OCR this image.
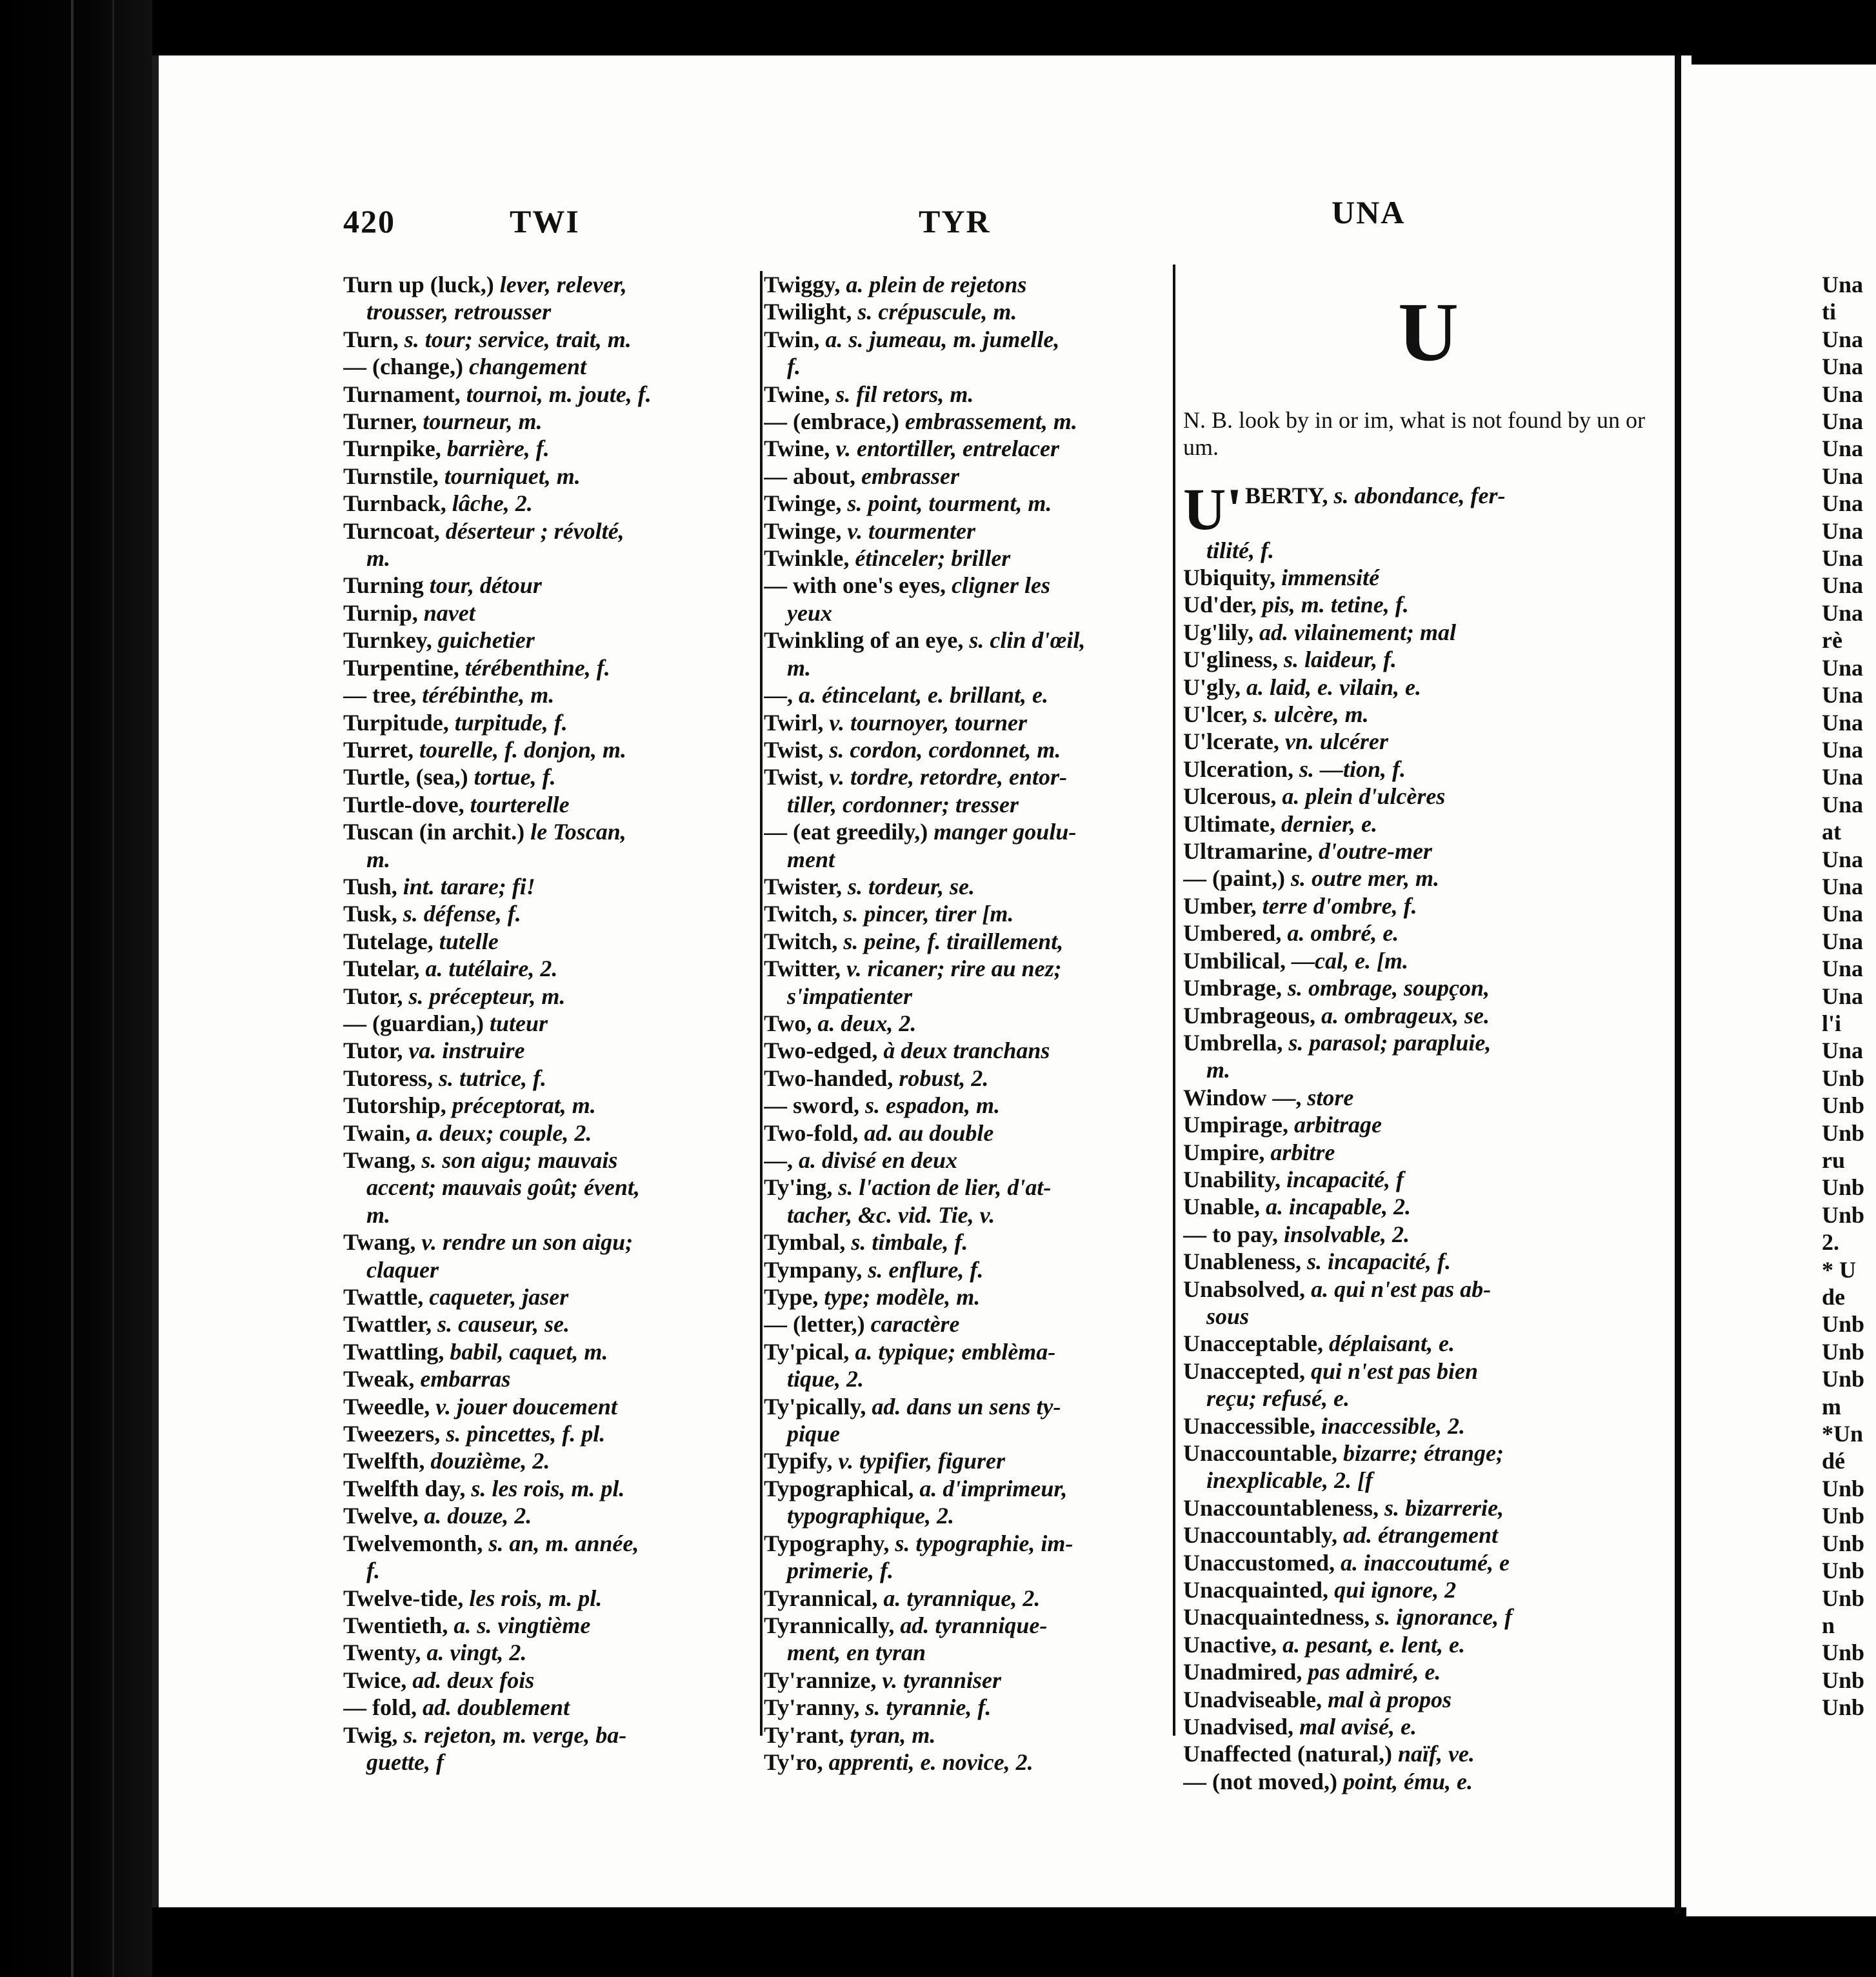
420	TWI	TYR	UNA
Turn up (luck,) lever, relever,
trousser, retrousser
Turn, s. tour; service, trait, m.
— (change,) changement
Turnament, tournoi, m. joute, f.
Turner, tourneur, m.
Turnpike, barrière, f.
Turnstile, tourniquet, m.
Turnback, lâche, 2.
Turncoat, déserteur ; révolté,
m.
Turning tour, détour
Turnip, navet
Turnkey, guichetier
Turpentine, térébenthine, f.
— tree, térébinthe, m.
Turpitude, turpitude, f.
Turret, tourelle, f. donjon, m.
Turtle, (sea,) tortue, f.
Turtle-dove, tourterelle
Tuscan (in archit.) le Toscan,
m.
Tush, int. tarare; fi!
Tusk, s. défense, f.
Tutelage, tutelle
Tutelar, a. tutélaire, 2.
Tutor, s. précepteur, m.
— (guardian,) tuteur
Tutor, va. instruire
Tutoress, s. tutrice, f.
Tutorship, préceptorat, m.
Twain, a. deux; couple, 2.
Twang, s. son aigu; mauvais
accent; mauvais goût; évent,
m.
Twang, v. rendre un son aigu;
claquer
Twattle, caqueter, jaser
Twattler, s. causeur, se.
Twattling, babil, caquet, m.
Tweak, embarras
Tweedle, v. jouer doucement
Tweezers, s. pincettes, f. pl.
Twelfth, douzième, 2.
Twelfth day, s. les rois, m. pl.
Twelve, a. douze, 2.
Twelvemonth, s. an, m. année,
f.
Twelve-tide, les rois, m. pl.
Twentieth, a. s. vingtième
Twenty, a. vingt, 2.
Twice, ad. deux fois
— fold, ad. doublement
Twig, s. rejeton, m. verge, ba-
guette, f
Twiggy, a. plein de rejetons
Twilight, s. crépuscule, m.
Twin, a. s. jumeau, m. jumelle,
f.
Twine, s. fil retors, m.
— (embrace,) embrassement, m.
Twine, v. entortiller, entrelacer
— about, embrasser
Twinge, s. point, tourment, m.
Twinge, v. tourmenter
Twinkle, étinceler; briller
— with one's eyes, cligner les
yeux
Twinkling of an eye, s. clin d'œil,
m.
—, a. étincelant, e. brillant, e.
Twirl, v. tournoyer, tourner
Twist, s. cordon, cordonnet, m.
Twist, v. tordre, retordre, entor-
tiller, cordonner; tresser
— (eat greedily,) manger goulu-
ment
Twister, s. tordeur, se.
Twitch, s. pincer, tirer [m.
Twitch, s. peine, f. tiraillement,
Twitter, v. ricaner; rire au nez;
s'impatienter
Two, a. deux, 2.
Two-edged, à deux tranchans
Two-handed, robust, 2.
— sword, s. espadon, m.
Two-fold, ad. au double
—, a. divisé en deux
Ty'ing, s. l'action de lier, d'at-
tacher, &c. vid. Tie, v.
Tymbal, s. timbale, f.
Tympany, s. enflure, f.
Type, type; modèle, m.
— (letter,) caractère
Ty'pical, a. typique; emblèma-
tique, 2.
Ty'pically, ad. dans un sens ty-
pique
Typify, v. typifier, figurer
Typographical, a. d'imprimeur,
typographique, 2.
Typography, s. typographie, im-
primerie, f.
Tyrannical, a. tyrannique, 2.
Tyrannically, ad. tyrannique-
ment, en tyran
Ty'rannize, v. tyranniser
Ty'ranny, s. tyrannie, f.
Ty'rant, tyran, m.
Ty'ro, apprenti, e. novice, 2.
U
N. B. look by in or im, what is not found by un or um.
U' BERTY, s. abondance, fer-
tilité, f.
Ubiquity, immensité
Ud'der, pis, m. tetine, f.
Ug'lily, ad. vilainement; mal
U'gliness, s. laideur, f.
U'gly, a. laid, e. vilain, e.
U'lcer, s. ulcère, m.
U'lcerate, vn. ulcérer
Ulceration, s. —tion, f.
Ulcerous, a. plein d'ulcères
Ultimate, dernier, e.
Ultramarine, d'outre-mer
— (paint,) s. outre mer, m.
Umber, terre d'ombre, f.
Umbered, a. ombré, e.
Umbilical, —cal, e. [m.
Umbrage, s. ombrage, soupçon,
Umbrageous, a. ombrageux, se.
Umbrella, s. parasol; parapluie,
m.
Window —, store
Umpirage, arbitrage
Umpire, arbitre
Unability, incapacité, f
Unable, a. incapable, 2.
— to pay, insolvable, 2.
Unableness, s. incapacité, f.
Unabsolved, a. qui n'est pas ab-
sous
Unacceptable, déplaisant, e.
Unaccepted, qui n'est pas bien
reçu; refusé, e.
Unaccessible, inaccessible, 2.
Unaccountable, bizarre; étrange;
inexplicable, 2. [f
Unaccountableness, s. bizarrerie,
Unaccountably, ad. étrangement
Unaccustomed, a. inaccoutumé, e
Unacquainted, qui ignore, 2
Unacquaintedness, s. ignorance, f
Unactive, a. pesant, e. lent, e.
Unadmired, pas admiré, e.
Unadviseable, mal à propos
Unadvised, mal avisé, e.
Unaffected (natural,) naïf, ve.
— (not moved,) point, ému, e.
Una
ti
Una
Una
Una
Una
Una
Una
Una
Una
Una
Una
Una
rè
Una
Una
Una
Una
Una
Una
at
Una
Una
Una
Una
Una
Una
l'i
Una
Unb
Unb
Unb
ru
Unb
Unb
2.
* U
de
Unb
Unb
Unb
m
*Un
dé
Unb
Unb
Unb
Unb
Unb
n
Unb
Unb
Unb
